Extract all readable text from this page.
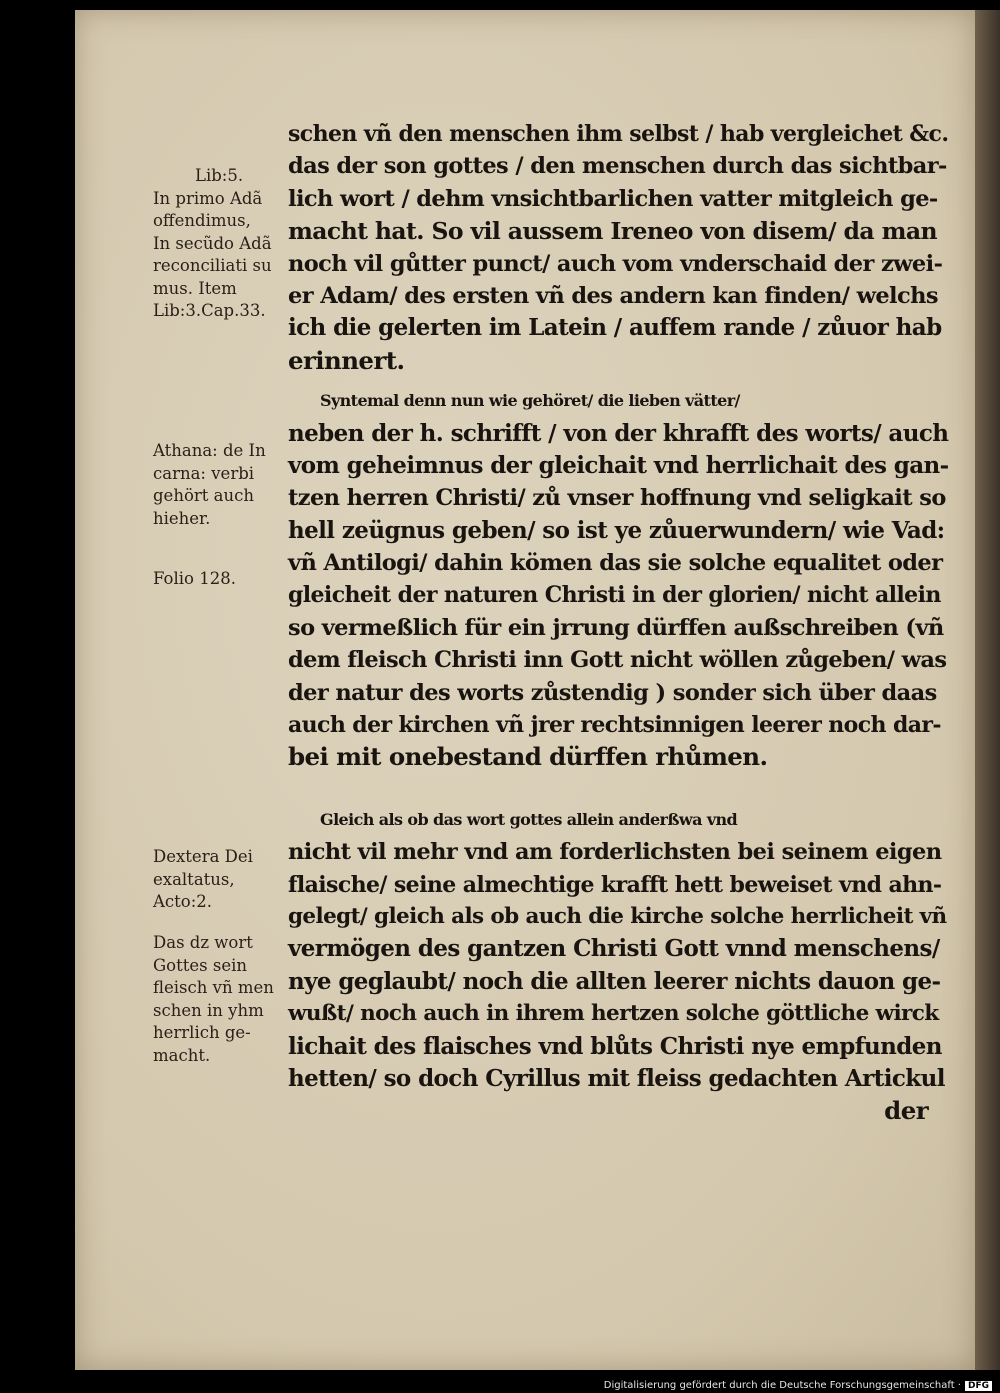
Lib:5.
In primo Adã
offendimus,
In secũdo Adã
reconciliati su
mus. Item
Lib:3.Cap.33.
Athana: de In
carna: verbi
gehört auch
hieher.
Folio 128.
Dextera Dei
exaltatus,
Acto:2.
Das dz wort
Gottes sein
fleisch vñ men
schen in yhm
herrlich ge-
macht.
schen vñ den menschen ihm selbst / hab vergleichet &c.
das der son gottes / den menschen durch das sichtbar-
lich wort / dehm vnsichtbarlichen vatter mitgleich ge-
macht hat. So vil aussem Ireneo von disem/ da man
noch vil gůtter punct/ auch vom vnderschaid der zwei-
er Adam/ des ersten vñ des andern kan finden/ welchs
ich die gelerten im Latein / auffem rande / zůuor hab
erinnert.
Syntemal denn nun wie gehöret/ die lieben vätter/
neben der h. schrifft / von der khrafft des worts/ auch
vom geheimnus der gleichait vnd herrlichait des gan-
tzen herren Christi/ zů vnser hoffnung vnd seligkait so
hell zeügnus geben/ so ist ye zůuerwundern/ wie Vad:
vñ Antilogi/ dahin kömen das sie solche equalitet oder
gleicheit der naturen Christi in der glorien/ nicht allein
so vermeßlich für ein jrrung dürffen außschreiben (vñ
dem fleisch Christi inn Gott nicht wöllen zůgeben/ was
der natur des worts zůstendig ) sonder sich über daas
auch der kirchen vñ jrer rechtsinnigen leerer noch dar-
bei mit onebestand dürffen rhůmen.
Gleich als ob das wort gottes allein anderßwa vnd
nicht vil mehr vnd am forderlichsten bei seinem eigen
flaische/ seine almechtige krafft hett beweiset vnd ahn-
gelegt/ gleich als ob auch die kirche solche herrlicheit vñ
vermögen des gantzen Christi Gott vnnd menschens/
nye geglaubt/ noch die allten leerer nichts dauon ge-
wußt/ noch auch in ihrem hertzen solche göttliche wirck
lichait des flaisches vnd blůts Christi nye empfunden
hetten/ so doch Cyrillus mit fleiss gedachten Artickul
der
Digitalisierung gefördert durch die Deutsche Forschungsgemeinschaft · DFG
